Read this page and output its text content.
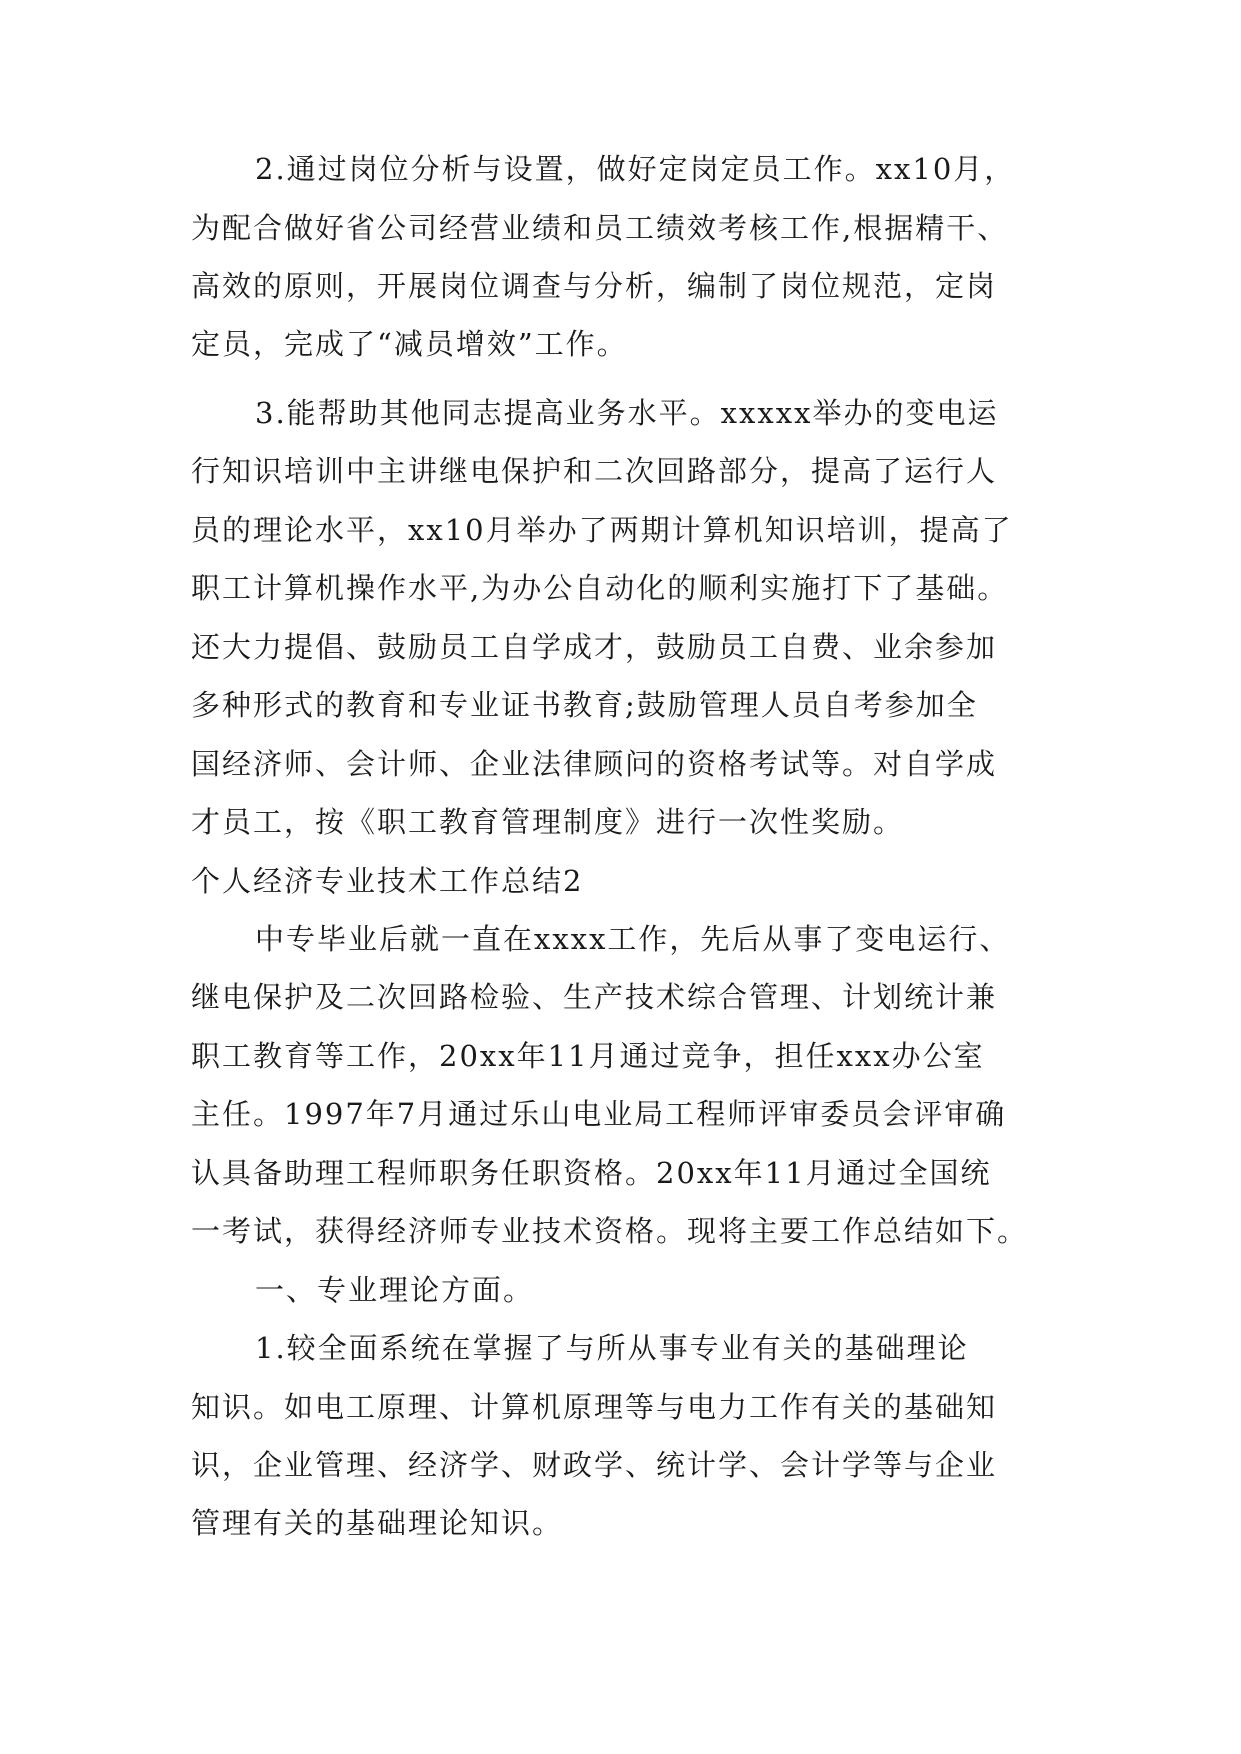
2.通过岗位分析与设置，做好定岗定员工作。xx10月，

为配合做好省公司经营业绩和员工绩效考核工作,根据精干、

高效的原则，开展岗位调查与分析，编制了岗位规范，定岗

定员，完成了“减员增效”工作。

3.能帮助其他同志提高业务水平。xxxxx举办的变电运

行知识培训中主讲继电保护和二次回路部分，提高了运行人

员的理论水平，xx10月举办了两期计算机知识培训，提高了

职工计算机操作水平,为办公自动化的顺利实施打下了基础。

还大力提倡、鼓励员工自学成才，鼓励员工自费、业余参加

多种形式的教育和专业证书教育;鼓励管理人员自考参加全

国经济师、会计师、企业法律顾问的资格考试等。对自学成

才员工，按《职工教育管理制度》进行一次性奖励。

个人经济专业技术工作总结2

中专毕业后就一直在xxxx工作，先后从事了变电运行、

继电保护及二次回路检验、生产技术综合管理、计划统计兼

职工教育等工作，20xx年11月通过竞争，担任xxx办公室

主任。1997年7月通过乐山电业局工程师评审委员会评审确

认具备助理工程师职务任职资格。20xx年11月通过全国统

一考试，获得经济师专业技术资格。现将主要工作总结如下。

一、专业理论方面。

1.较全面系统在掌握了与所从事专业有关的基础理论

知识。如电工原理、计算机原理等与电力工作有关的基础知

识，企业管理、经济学、财政学、统计学、会计学等与企业

管理有关的基础理论知识。
